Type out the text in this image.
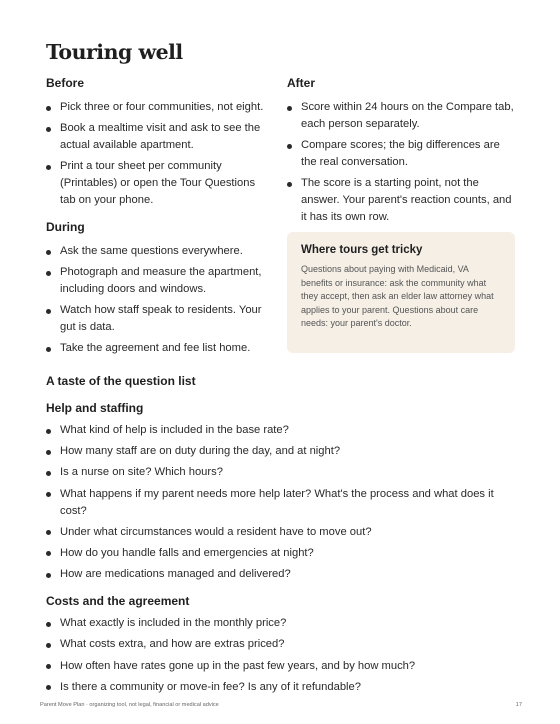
Touring well

Before

Pick three or four communities, not eight.
Book a mealtime visit and ask to see the actual available apartment.
Print a tour sheet per community (Printables) or open the Tour Questions tab on your phone.

During

Ask the same questions everywhere.
Photograph and measure the apartment, including doors and windows.
Watch how staff speak to residents. Your gut is data.
Take the agreement and fee list home.

After

Score within 24 hours on the Compare tab, each person separately.
Compare scores; the big differences are the real conversation.
The score is a starting point, not the answer. Your parent's reaction counts, and it has its own row.

Where tours get tricky

Questions about paying with Medicaid, VA benefits or insurance: ask the community what they accept, then ask an elder law attorney what applies to your parent. Questions about care needs: your parent's doctor.

A taste of the question list

Help and staffing

What kind of help is included in the base rate?
How many staff are on duty during the day, and at night?
Is a nurse on site? Which hours?
What happens if my parent needs more help later? What's the process and what does it cost?
Under what circumstances would a resident have to move out?
How do you handle falls and emergencies at night?
How are medications managed and delivered?

Costs and the agreement

What exactly is included in the monthly price?
What costs extra, and how are extras priced?
How often have rates gone up in the past few years, and by how much?
Is there a community or move-in fee? Is any of it refundable?
Parent Move Plan · organizing tool, not legal, financial or medical advice	17
